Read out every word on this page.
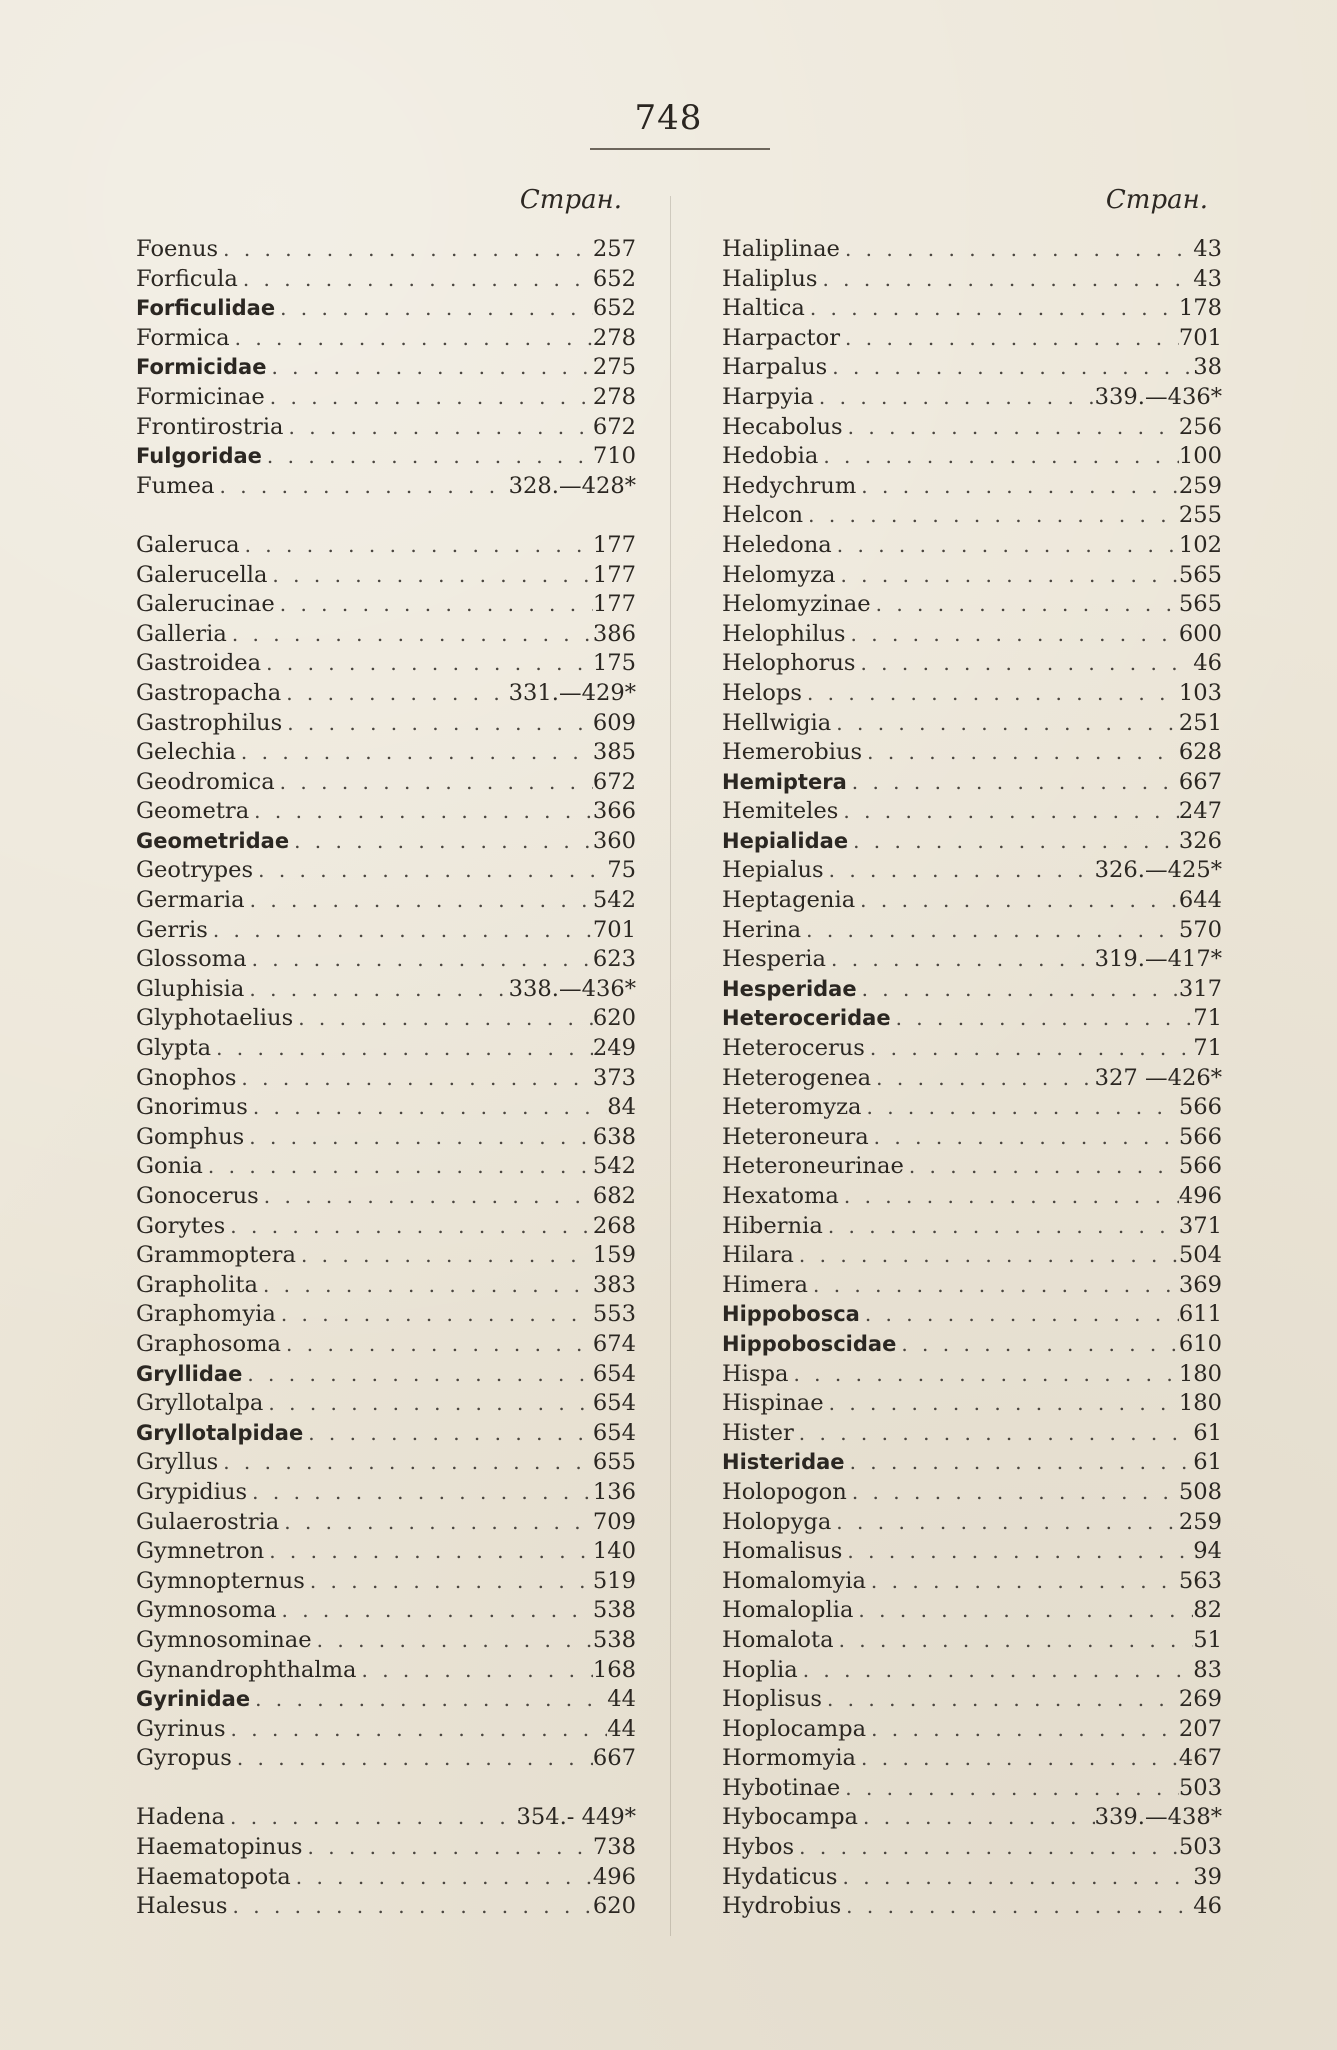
748
Стран.
Foenus . . .	257
Forficula . . .	652
Forficulidae . . .	652
Formica . . .	278
Formicidae . . .	275
Formicinae . . .	278
Frontirostria . . .	672
Fulgoridae . . .	710
Fumea . . .	328.—428*
Galeruca . . .	177
Galerucella . . .	177
Galerucinae . . .	177
Galleria . . .	386
Gastroidea . . .	175
Gastropacha . . .	331.—429*
Gastrophilus . . .	609
Gelechia . . .	385
Geodromica . . .	672
Geometra . . .	366
Geometridae . . .	360
Geotrypes . . .	75
Germaria . . .	542
Gerris . . .	701
Glossoma . . .	623
Gluphisia . . .	338.—436*
Glyphotaelius . . .	620
Glypta . . .	249
Gnophos . . .	373
Gnorimus . . .	84
Gomphus . . .	638
Gonia . . .	542
Gonocerus . . .	682
Gorytes . . .	268
Grammoptera . . .	159
Grapholita . . .	383
Graphomyia . . .	553
Graphosoma . . .	674
Gryllidae . . .	654
Gryllotalpa . . .	654
Gryllotalpidae . . .	654
Gryllus . . .	655
Grypidius . . .	136
Gulaerostria . . .	709
Gymnetron . . .	140
Gymnopternus . . .	519
Gymnosoma . . .	538
Gymnosominae . . .	538
Gynandrophthalma . . .	168
Gyrinidae . . .	44
Gyrinus . . .	44
Gyropus . . .	667
Hadena . . .	354.- 449*
Haematopinus . . .	738
Haematopota . . .	496
Halesus . . .	620
Стран.
Haliplinae . . .	43
Haliplus . . .	43
Haltica . . .	178
Harpactor . . .	701
Harpalus . . .	38
Harpyia . . .	339.—436*
Hecabolus . . .	256
Hedobia . . .	100
Hedychrum . . .	259
Helcon . . .	255
Heledona . . .	102
Helomyza . . .	565
Helomyzinae . . .	565
Helophilus . . .	600
Helophorus . . .	46
Helops . . .	103
Hellwigia . . .	251
Hemerobius . . .	628
Hemiptera . . .	667
Hemiteles . . .	247
Hepialidae . . .	326
Hepialus . . .	326.—425*
Heptagenia . . .	644
Herina . . .	570
Hesperia . . .	319.—417*
Hesperidae . . .	317
Heteroceridae . . .	71
Heterocerus . . .	71
Heterogenea . . .	327 —426*
Heteromyza . . .	566
Heteroneura . . .	566
Heteroneurinae . . .	566
Hexatoma . . .	496
Hibernia . . .	371
Hilara . . .	504
Himera . . .	369
Hippobosca . . .	611
Hippoboscidae . . .	610
Hispa . . .	180
Hispinae . . .	180
Hister . . .	61
Histeridae . . .	61
Holopogon . . .	508
Holopyga . . .	259
Homalisus . . .	94
Homalomyia . . .	563
Homaloplia . . .	82
Homalota . . .	51
Hoplia . . .	83
Hoplisus . . .	269
Hoplocampa . . .	207
Hormomyia . . .	467
Hybotinae . . .	503
Hybocampa . . .	339.—438*
Hybos . . .	503
Hydaticus . . .	39
Hydrobius . . .	46
